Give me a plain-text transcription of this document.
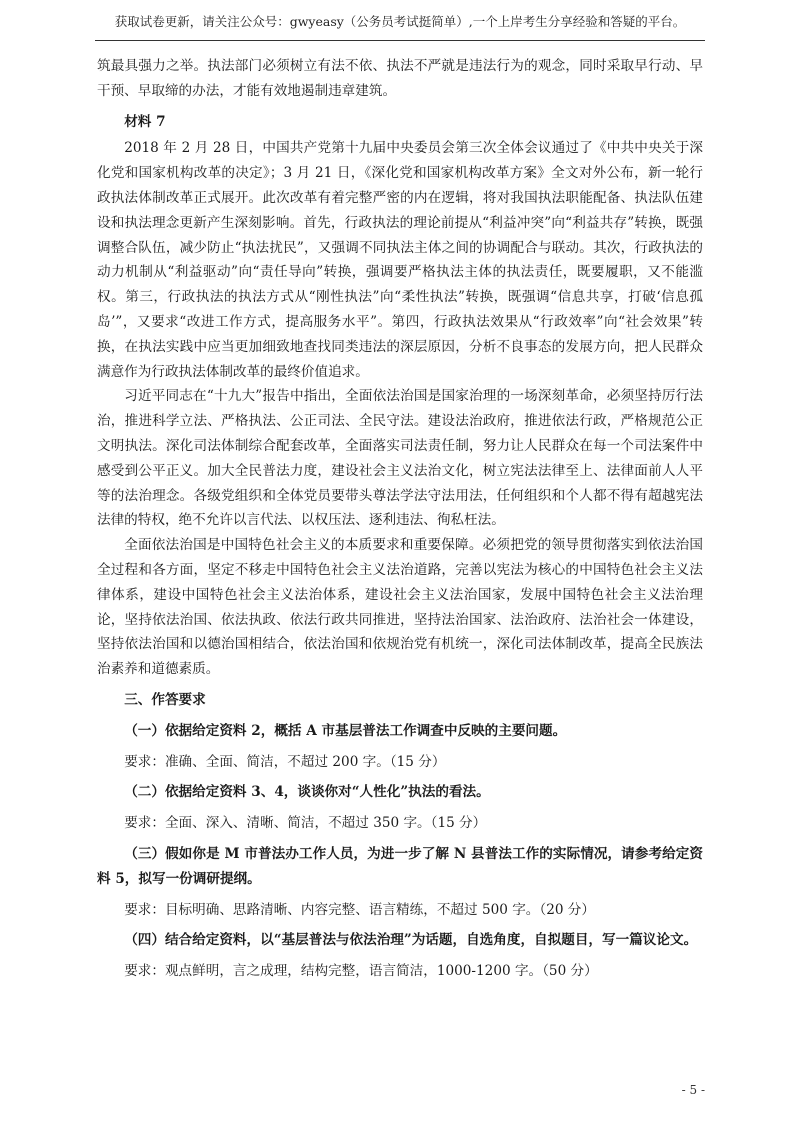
获取试卷更新，请关注公众号：gwyeasy（公务员考试挺简单）,一个上岸考生分享经验和答疑的平台。

筑最具强力之举。执法部门必须树立有法不依、执法不严就是违法行为的观念，同时采取早行动、早干预、早取缔的办法，才能有效地遏制违章建筑。

材料 7

2018 年 2 月 28 日，中国共产党第十九届中央委员会第三次全体会议通过了《中共中央关于深化党和国家机构改革的决定》；3 月 21 日，《深化党和国家机构改革方案》全文对外公布，新一轮行政执法体制改革正式展开。此次改革有着完整严密的内在逻辑，将对我国执法职能配备、执法队伍建设和执法理念更新产生深刻影响。首先，行政执法的理论前提从“利益冲突”向“利益共存”转换，既强调整合队伍，减少防止“执法扰民”，又强调不同执法主体之间的协调配合与联动。其次，行政执法的动力机制从“利益驱动”向“责任导向”转换，强调要严格执法主体的执法责任，既要履职，又不能滥权。第三，行政执法的执法方式从“刚性执法”向“柔性执法”转换，既强调“信息共享，打破‘信息孤岛’”，又要求“改进工作方式，提高服务水平”。第四，行政执法效果从“行政效率”向“社会效果”转换，在执法实践中应当更加细致地查找同类违法的深层原因，分析不良事态的发展方向，把人民群众满意作为行政执法体制改革的最终价值追求。

习近平同志在“十九大”报告中指出，全面依法治国是国家治理的一场深刻革命，必须坚持厉行法治，推进科学立法、严格执法、公正司法、全民守法。建设法治政府，推进依法行政，严格规范公正文明执法。深化司法体制综合配套改革，全面落实司法责任制，努力让人民群众在每一个司法案件中感受到公平正义。加大全民普法力度，建设社会主义法治文化，树立宪法法律至上、法律面前人人平等的法治理念。各级党组织和全体党员要带头尊法学法守法用法，任何组织和个人都不得有超越宪法法律的特权，绝不允许以言代法、以权压法、逐利违法、徇私枉法。

全面依法治国是中国特色社会主义的本质要求和重要保障。必须把党的领导贯彻落实到依法治国全过程和各方面，坚定不移走中国特色社会主义法治道路，完善以宪法为核心的中国特色社会主义法律体系，建设中国特色社会主义法治体系，建设社会主义法治国家，发展中国特色社会主义法治理论，坚持依法治国、依法执政、依法行政共同推进，坚持法治国家、法治政府、法治社会一体建设，坚持依法治国和以德治国相结合，依法治国和依规治党有机统一，深化司法体制改革，提高全民族法治素养和道德素质。

三、作答要求

（一）依据给定资料 2，概括 A 市基层普法工作调查中反映的主要问题。

要求：准确、全面、简洁，不超过 200 字。（15 分）

（二）依据给定资料 3、4，谈谈你对“人性化”执法的看法。

要求：全面、深入、清晰、简洁，不超过 350 字。（15 分）

（三）假如你是 M 市普法办工作人员，为进一步了解 N 县普法工作的实际情况，请参考给定资料 5，拟写一份调研提纲。

要求：目标明确、思路清晰、内容完整、语言精练，不超过 500 字。（20 分）

（四）结合给定资料，以“基层普法与依法治理”为话题，自选角度，自拟题目，写一篇议论文。

要求：观点鲜明，言之成理，结构完整，语言简洁，1000-1200 字。（50 分）

- 5 -
